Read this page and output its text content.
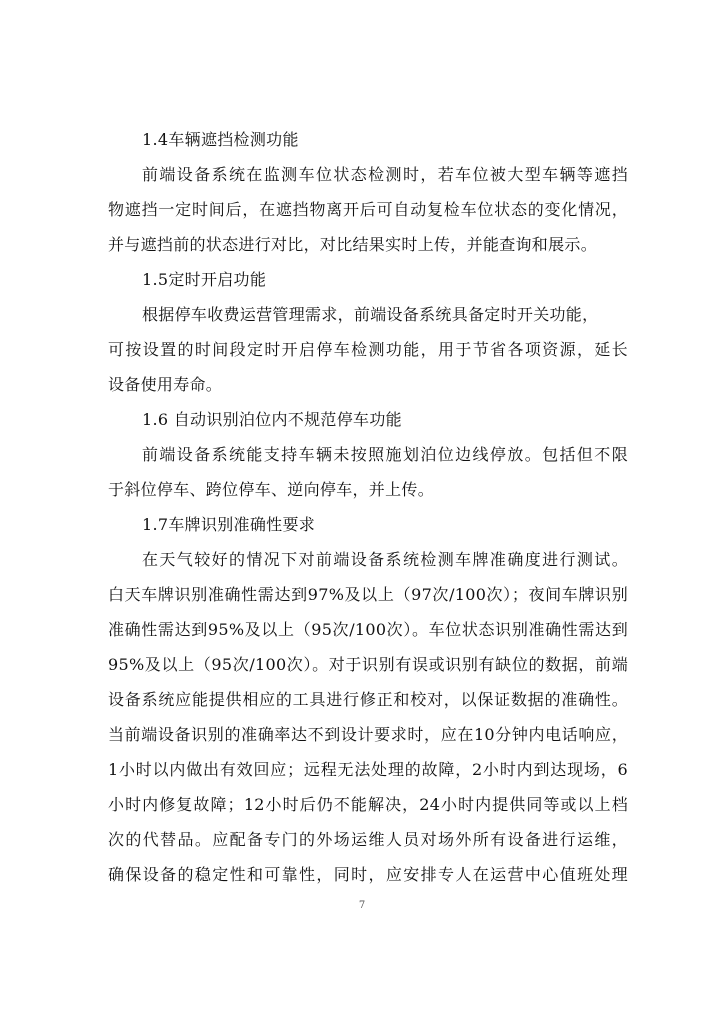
1.4车辆遮挡检测功能
前端设备系统在监测车位状态检测时，若车位被大型车辆等遮挡
物遮挡一定时间后，在遮挡物离开后可自动复检车位状态的变化情况，
并与遮挡前的状态进行对比，对比结果实时上传，并能查询和展示。
1.5定时开启功能
根据停车收费运营管理需求，前端设备系统具备定时开关功能，
可按设置的时间段定时开启停车检测功能，用于节省各项资源，延长
设备使用寿命。
1.6 自动识别泊位内不规范停车功能
前端设备系统能支持车辆未按照施划泊位边线停放。包括但不限
于斜位停车、跨位停车、逆向停车，并上传。
1.7车牌识别准确性要求
在天气较好的情况下对前端设备系统检测车牌准确度进行测试。
白天车牌识别准确性需达到97%及以上（97次/100次）；夜间车牌识别
准确性需达到95%及以上（95次/100次）。车位状态识别准确性需达到
95%及以上（95次/100次）。对于识别有误或识别有缺位的数据，前端
设备系统应能提供相应的工具进行修正和校对，以保证数据的准确性。
当前端设备识别的准确率达不到设计要求时，应在10分钟内电话响应，
1小时以内做出有效回应；远程无法处理的故障，2小时内到达现场，6
小时内修复故障；12小时后仍不能解决，24小时内提供同等或以上档
次的代替品。应配备专门的外场运维人员对场外所有设备进行运维，
确保设备的稳定性和可靠性，同时，应安排专人在运营中心值班处理
7
